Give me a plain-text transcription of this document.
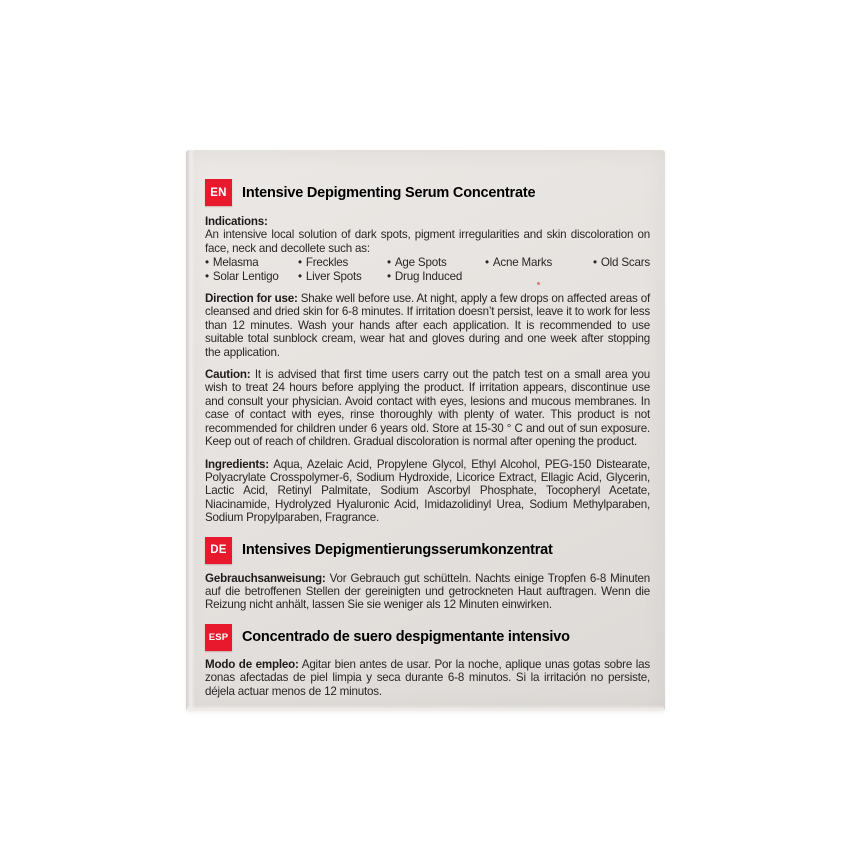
EN	Intensive Depigmenting Serum Concentrate

Indications:

An intensive local solution of dark spots, pigment irregularities and skin discoloration on face, neck and decollete such as:

• Melasma	• Freckles	• Age Spots	• Acne Marks	• Old Scars
• Solar Lentigo	• Liver Spots	• Drug Induced

Direction for use: Shake well before use. At night, apply a few drops on affected areas of cleansed and dried skin for 6-8 minutes. If irritation doesn’t persist, leave it to work for less than 12 minutes. Wash your hands after each application. It is recommended to use suitable total sunblock cream, wear hat and gloves during and one week after stopping the application.

Caution: It is advised that first time users carry out the patch test on a small area you wish to treat 24 hours before applying the product. If irritation appears, discontinue use and consult your physician. Avoid contact with eyes, lesions and mucous membranes. In case of contact with eyes, rinse thoroughly with plenty of water. This product is not recommended for children under 6 years old. Store at 15-30 ° C and out of sun exposure. Keep out of reach of children. Gradual discoloration is normal after opening the product.

Ingredients: Aqua, Azelaic Acid, Propylene Glycol, Ethyl Alcohol, PEG-150 Distearate, Polyacrylate Crosspolymer-6, Sodium Hydroxide, Licorice Extract, Ellagic Acid, Glycerin, Lactic Acid, Retinyl Palmitate, Sodium Ascorbyl Phosphate, Tocopheryl Acetate, Niacinamide, Hydrolyzed Hyaluronic Acid, Imidazolidinyl Urea, Sodium Methylparaben, Sodium Propylparaben, Fragrance.

DE	Intensives Depigmentierungsserumkonzentrat

Gebrauchsanweisung: Vor Gebrauch gut schütteln. Nachts einige Tropfen 6-8 Minuten auf die betroffenen Stellen der gereinigten und getrockneten Haut auftragen. Wenn die Reizung nicht anhält, lassen Sie sie weniger als 12 Minuten einwirken.

ESP Concentrado de suero despigmentante intensivo

Modo de empleo: Agitar bien antes de usar. Por la noche, aplique unas gotas sobre las zonas afectadas de piel limpia y seca durante 6-8 minutos. Si la irritación no persiste, déjela actuar menos de 12 minutos.
